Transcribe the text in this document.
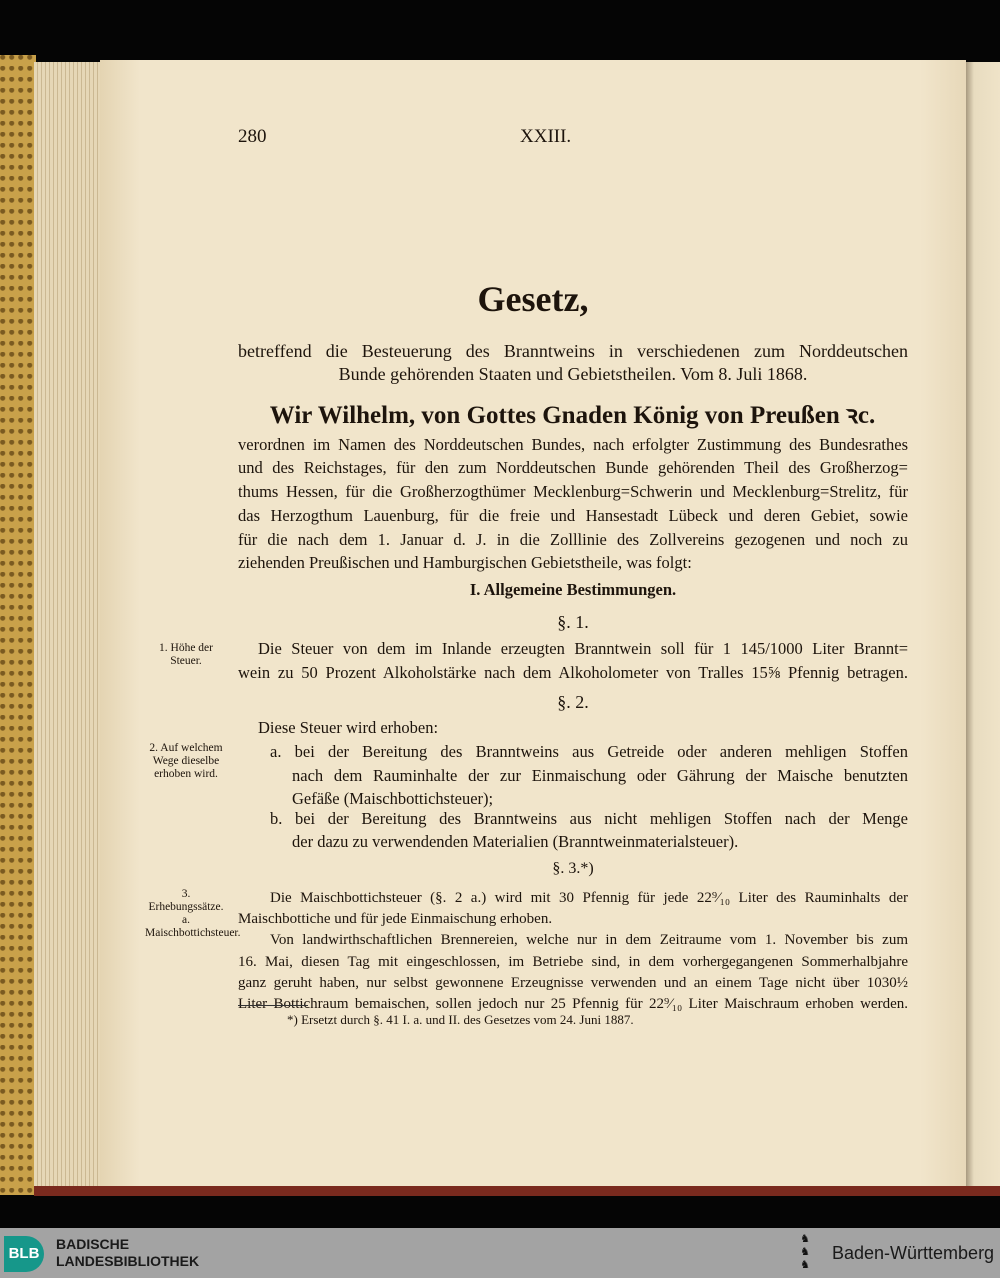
280	XXIII.
Gesetz,
betreffend die Besteuerung des Branntweins in verschiedenen zum Norddeutschen
Bunde gehörenden Staaten und Gebietstheilen. Vom 8. Juli 1868.
Wir Wilhelm, von Gottes Gnaden König von Preußen ꝛc.
verordnen im Namen des Norddeutschen Bundes, nach erfolgter Zustimmung des Bundesrathes
und des Reichstages, für den zum Norddeutschen Bunde gehörenden Theil des Großherzog=
thums Hessen, für die Großherzogthümer Mecklenburg=Schwerin und Mecklenburg=Strelitz, für
das Herzogthum Lauenburg, für die freie und Hansestadt Lübeck und deren Gebiet, sowie
für die nach dem 1. Januar d. J. in die Zolllinie des Zollvereins gezogenen und noch zu
ziehenden Preußischen und Hamburgischen Gebietstheile, was folgt:
I. Allgemeine Bestimmungen.
§. 1.
1. Höhe der Steuer.
Die Steuer von dem im Inlande erzeugten Branntwein soll für 1 145/1000 Liter Brannt=
wein zu 50 Prozent Alkoholstärke nach dem Alkoholometer von Tralles 15⅝ Pfennig betragen.
§. 2.
Diese Steuer wird erhoben:
2. Auf welchem Wege dieselbe erhoben wird.
a. bei der Bereitung des Branntweins aus Getreide oder anderen mehligen Stoffen
nach dem Rauminhalte der zur Einmaischung oder Gährung der Maische benutzten
Gefäße (Maischbottichsteuer);
b. bei der Bereitung des Branntweins aus nicht mehligen Stoffen nach der Menge
der dazu zu verwendenden Materialien (Branntweinmaterialsteuer).
§. 3.*)
3. Erhebungssätze.
a. Maischbottichsteuer.
Die Maischbottichsteuer (§. 2 a.) wird mit 30 Pfennig für jede 22⁹⁄₁₀ Liter des Rauminhalts der
Maischbottiche und für jede Einmaischung erhoben.
Von landwirthschaftlichen Brennereien, welche nur in dem Zeitraume vom 1. November bis zum
16. Mai, diesen Tag mit eingeschlossen, im Betriebe sind, in dem vorhergegangenen Sommerhalbjahre
ganz geruht haben, nur selbst gewonnene Erzeugnisse verwenden und an einem Tage nicht über 1030½
Liter Bottichraum bemaischen, sollen jedoch nur 25 Pfennig für 22⁹⁄₁₀ Liter Maischraum erhoben werden.
*) Ersetzt durch §. 41 I. a. und II. des Gesetzes vom 24. Juni 1887.
BLB
BADISCHE
LANDESBIBLIOTHEK
♞
♞
♞
Baden-Württemberg
